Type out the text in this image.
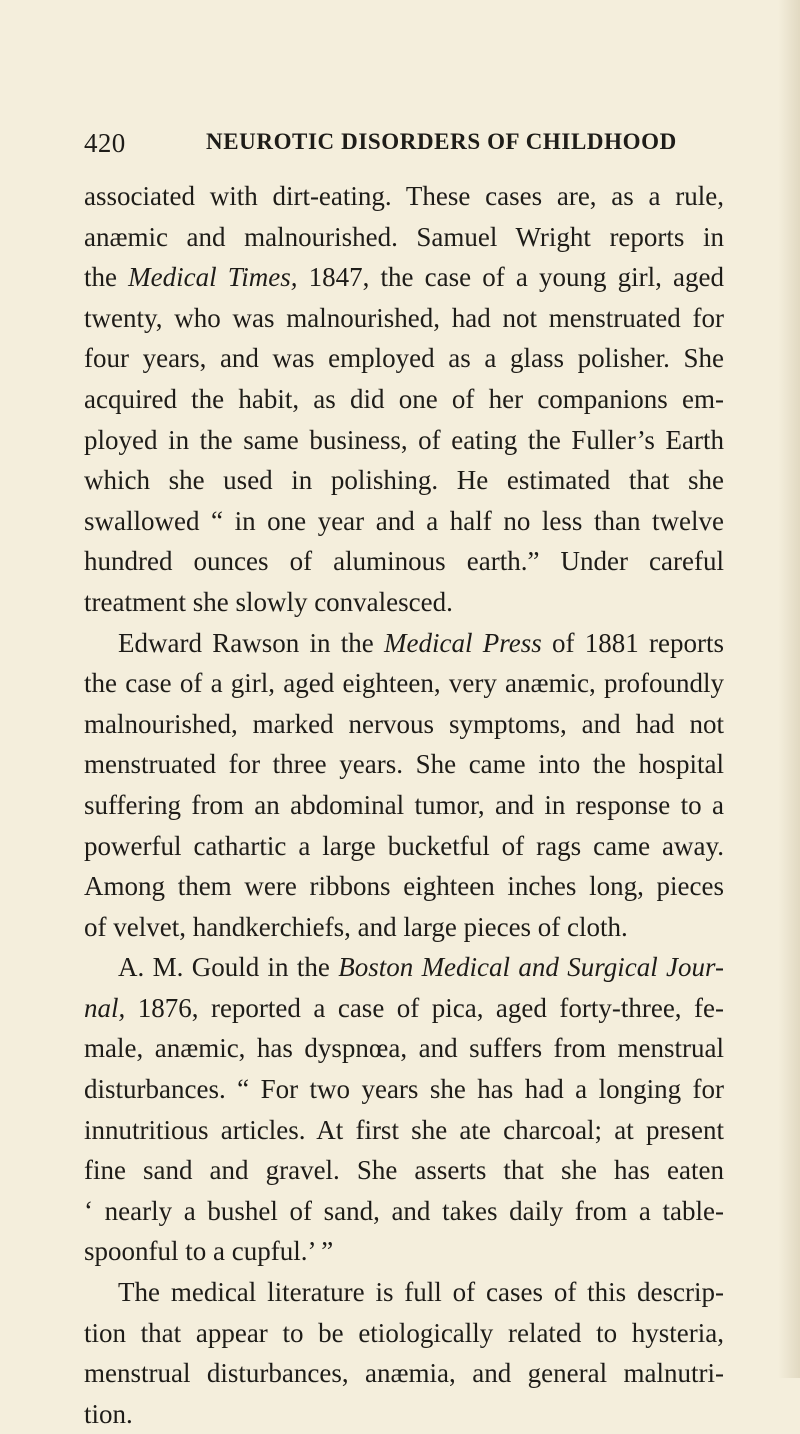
420	NEUROTIC DISORDERS OF CHILDHOOD
associated with dirt-eating. These cases are, as a rule,
anæmic and malnourished. Samuel Wright reports in
the Medical Times, 1847, the case of a young girl, aged
twenty, who was malnourished, had not menstruated for
four years, and was employed as a glass polisher. She
acquired the habit, as did one of her companions em-
ployed in the same business, of eating the Fuller’s Earth
which she used in polishing. He estimated that she
swallowed “ in one year and a half no less than twelve
hundred ounces of aluminous earth.” Under careful
treatment she slowly convalesced.
Edward Rawson in the Medical Press of 1881 reports
the case of a girl, aged eighteen, very anæmic, profoundly
malnourished, marked nervous symptoms, and had not
menstruated for three years. She came into the hospital
suffering from an abdominal tumor, and in response to a
powerful cathartic a large bucketful of rags came away.
Among them were ribbons eighteen inches long, pieces
of velvet, handkerchiefs, and large pieces of cloth.
A. M. Gould in the Boston Medical and Surgical Jour-
nal, 1876, reported a case of pica, aged forty-three, fe-
male, anæmic, has dyspnœa, and suffers from menstrual
disturbances. “ For two years she has had a longing for
innutritious articles. At first she ate charcoal; at present
fine sand and gravel. She asserts that she has eaten
‘ nearly a bushel of sand, and takes daily from a table-
spoonful to a cupful.’ ”
The medical literature is full of cases of this descrip-
tion that appear to be etiologically related to hysteria,
menstrual disturbances, anæmia, and general malnutri-
tion.
